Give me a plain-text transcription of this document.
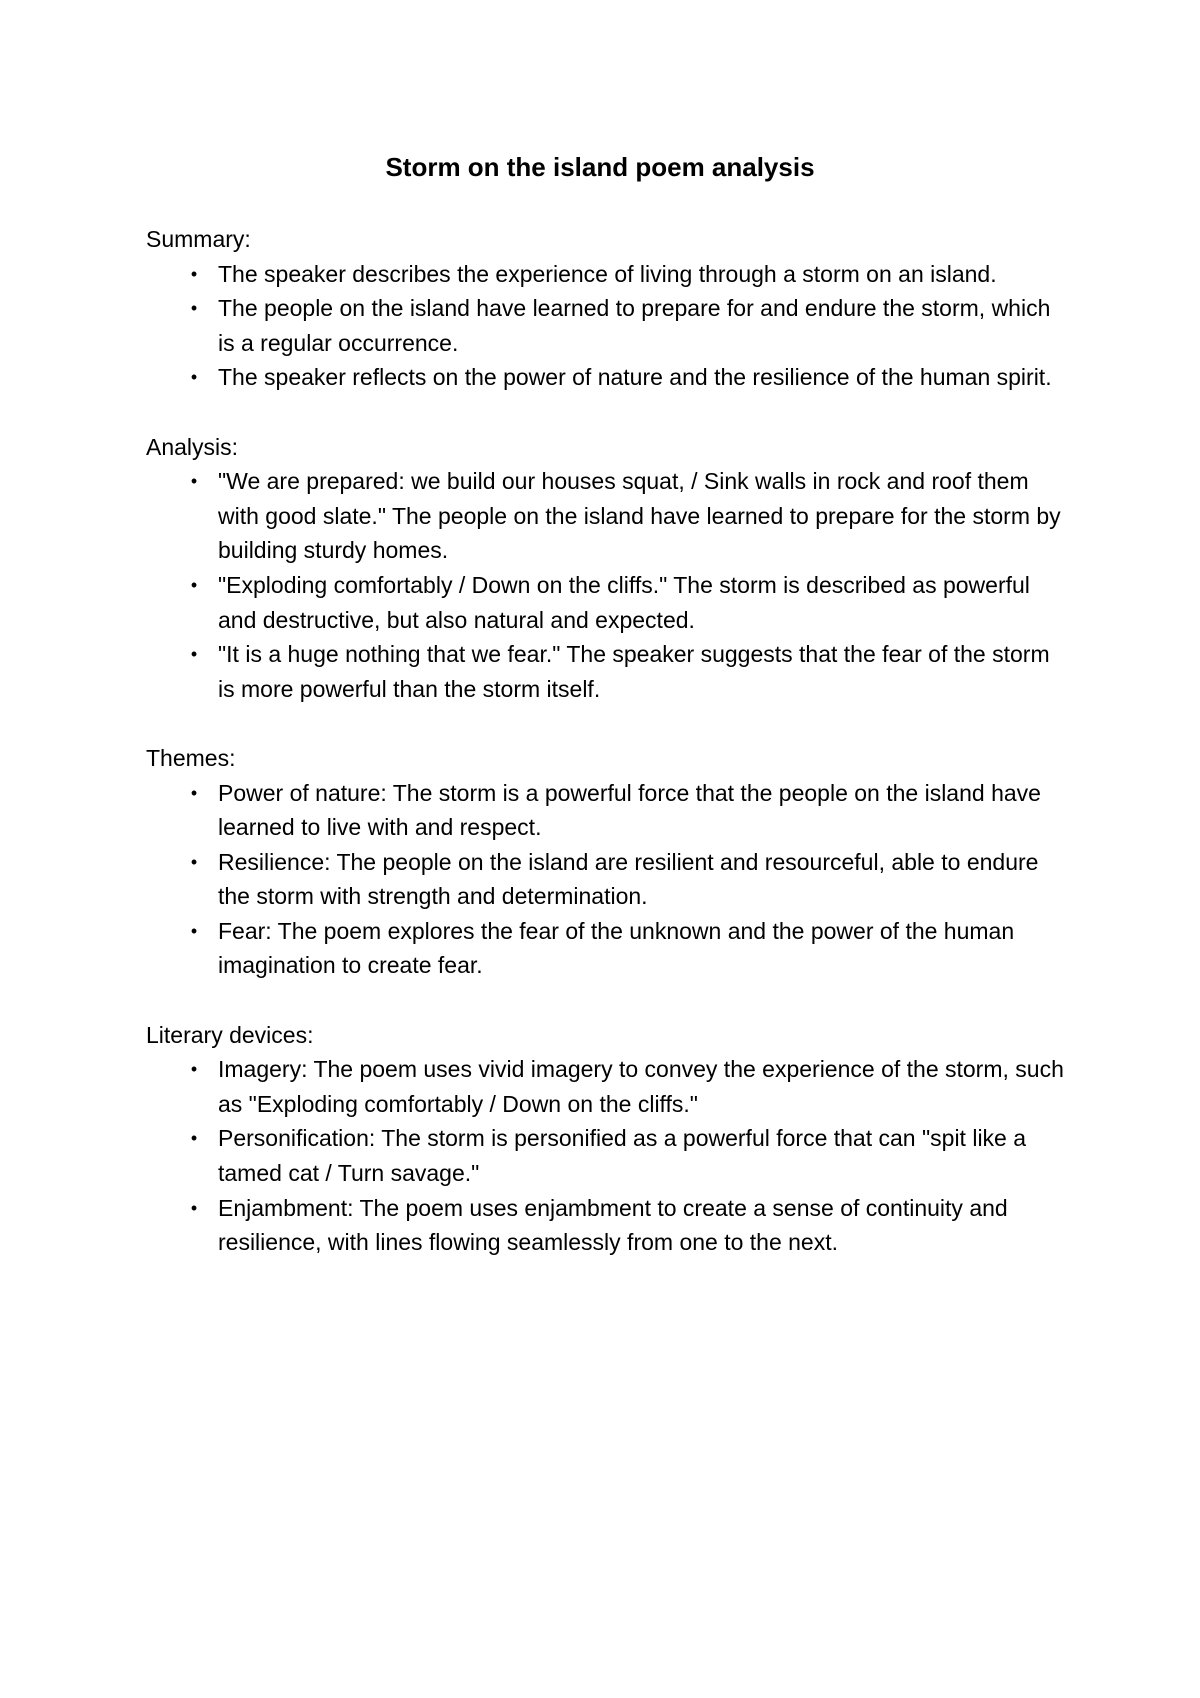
Storm on the island poem analysis

Summary:

• The speaker describes the experience of living through a storm on an island.
• The people on the island have learned to prepare for and endure the storm, which is a regular occurrence.
• The speaker reflects on the power of nature and the resilience of the human spirit.

Analysis:

• "We are prepared: we build our houses squat, / Sink walls in rock and roof them with good slate." The people on the island have learned to prepare for the storm by building sturdy homes.
• "Exploding comfortably / Down on the cliffs." The storm is described as powerful and destructive, but also natural and expected.
• "It is a huge nothing that we fear." The speaker suggests that the fear of the storm is more powerful than the storm itself.

Themes:

• Power of nature: The storm is a powerful force that the people on the island have learned to live with and respect.
• Resilience: The people on the island are resilient and resourceful, able to endure the storm with strength and determination.
• Fear: The poem explores the fear of the unknown and the power of the human imagination to create fear.

Literary devices:

• Imagery: The poem uses vivid imagery to convey the experience of the storm, such as "Exploding comfortably / Down on the cliffs."
• Personification: The storm is personified as a powerful force that can "spit like a tamed cat / Turn savage."
• Enjambment: The poem uses enjambment to create a sense of continuity and resilience, with lines flowing seamlessly from one to the next.
